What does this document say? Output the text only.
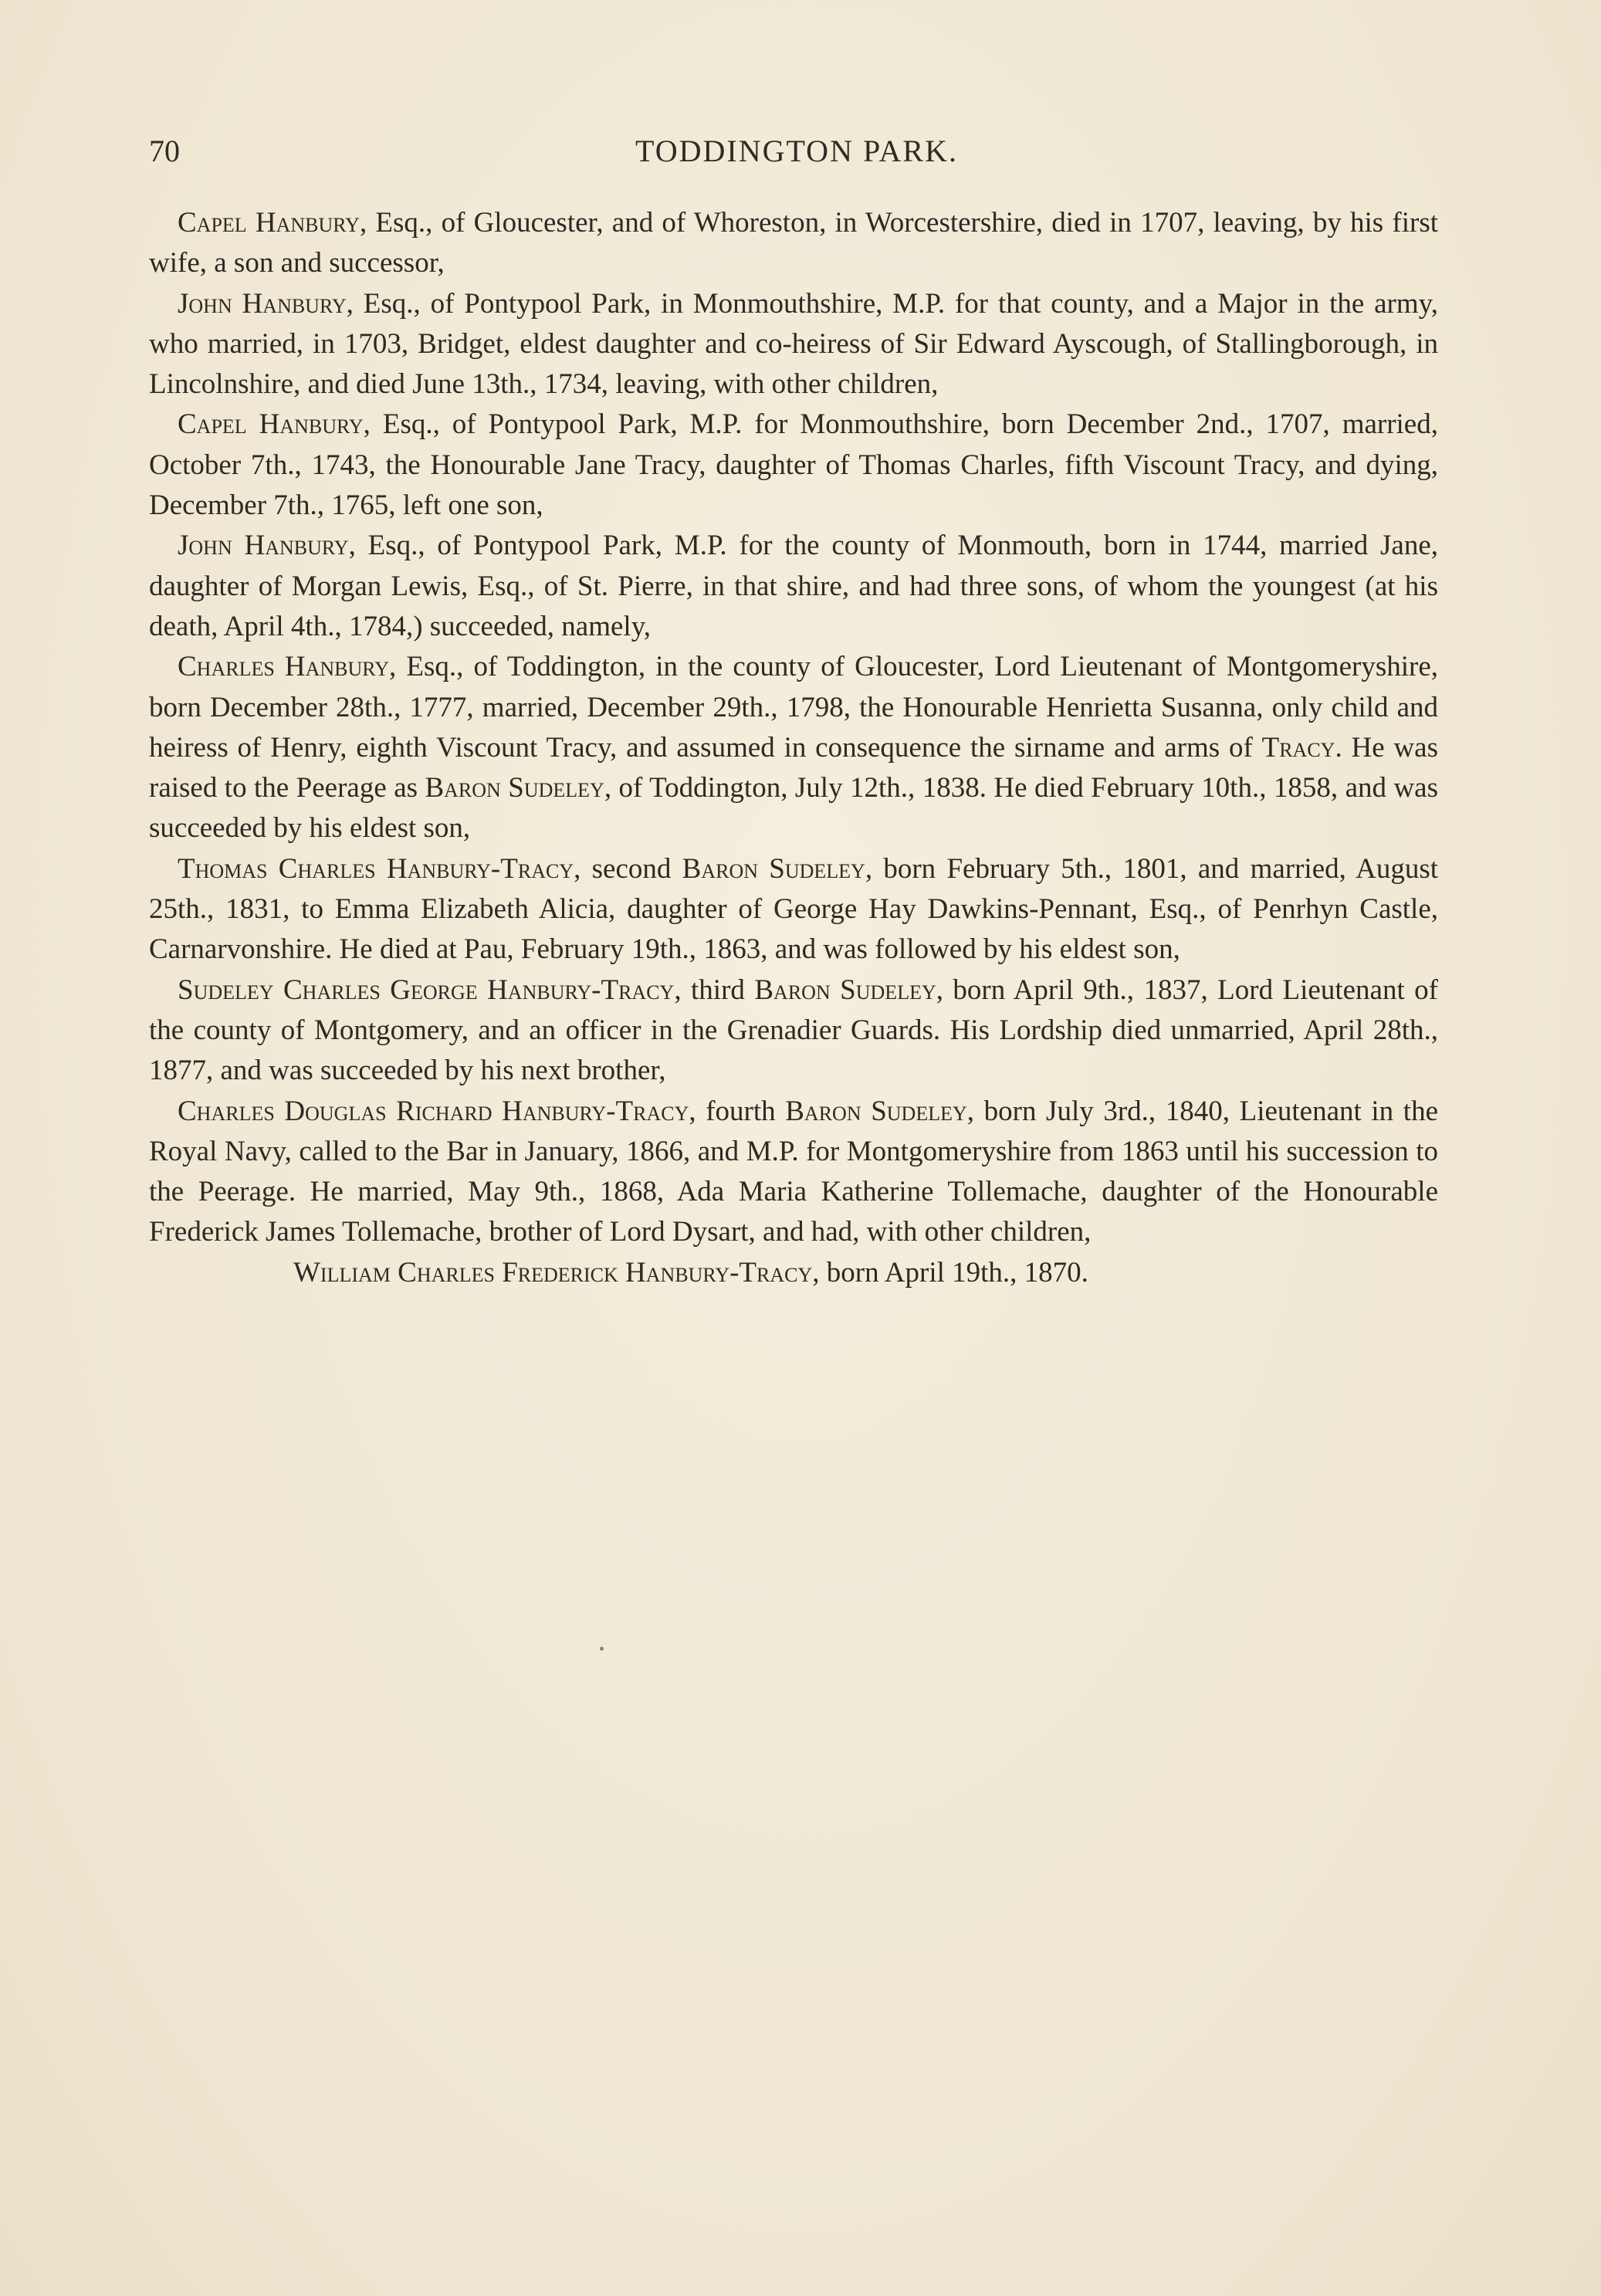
70	TODDINGTON PARK.

Capel Hanbury, Esq., of Gloucester, and of Whoreston, in Worcestershire, died in 1707, leaving, by his first wife, a son and successor,

John Hanbury, Esq., of Pontypool Park, in Monmouthshire, M.P. for that county, and a Major in the army, who married, in 1703, Bridget, eldest daughter and co-heiress of Sir Edward Ayscough, of Stallingborough, in Lincolnshire, and died June 13th., 1734, leaving, with other children,

Capel Hanbury, Esq., of Pontypool Park, M.P. for Monmouthshire, born December 2nd., 1707, married, October 7th., 1743, the Honourable Jane Tracy, daughter of Thomas Charles, fifth Viscount Tracy, and dying, December 7th., 1765, left one son,

John Hanbury, Esq., of Pontypool Park, M.P. for the county of Monmouth, born in 1744, married Jane, daughter of Morgan Lewis, Esq., of St. Pierre, in that shire, and had three sons, of whom the youngest (at his death, April 4th., 1784,) succeeded, namely,

Charles Hanbury, Esq., of Toddington, in the county of Gloucester, Lord Lieutenant of Montgomeryshire, born December 28th., 1777, married, December 29th., 1798, the Honourable Henrietta Susanna, only child and heiress of Henry, eighth Viscount Tracy, and assumed in consequence the sirname and arms of Tracy. He was raised to the Peerage as Baron Sudeley, of Toddington, July 12th., 1838. He died February 10th., 1858, and was succeeded by his eldest son,

Thomas Charles Hanbury-Tracy, second Baron Sudeley, born February 5th., 1801, and married, August 25th., 1831, to Emma Elizabeth Alicia, daughter of George Hay Dawkins-Pennant, Esq., of Penrhyn Castle, Carnarvonshire. He died at Pau, February 19th., 1863, and was followed by his eldest son,

Sudeley Charles George Hanbury-Tracy, third Baron Sudeley, born April 9th., 1837, Lord Lieutenant of the county of Montgomery, and an officer in the Grenadier Guards. His Lordship died unmarried, April 28th., 1877, and was succeeded by his next brother,

Charles Douglas Richard Hanbury-Tracy, fourth Baron Sudeley, born July 3rd., 1840, Lieutenant in the Royal Navy, called to the Bar in January, 1866, and M.P. for Montgomeryshire from 1863 until his succession to the Peerage. He married, May 9th., 1868, Ada Maria Katherine Tollemache, daughter of the Honourable Frederick James Tollemache, brother of Lord Dysart, and had, with other children,

William Charles Frederick Hanbury-Tracy, born April 19th., 1870.
